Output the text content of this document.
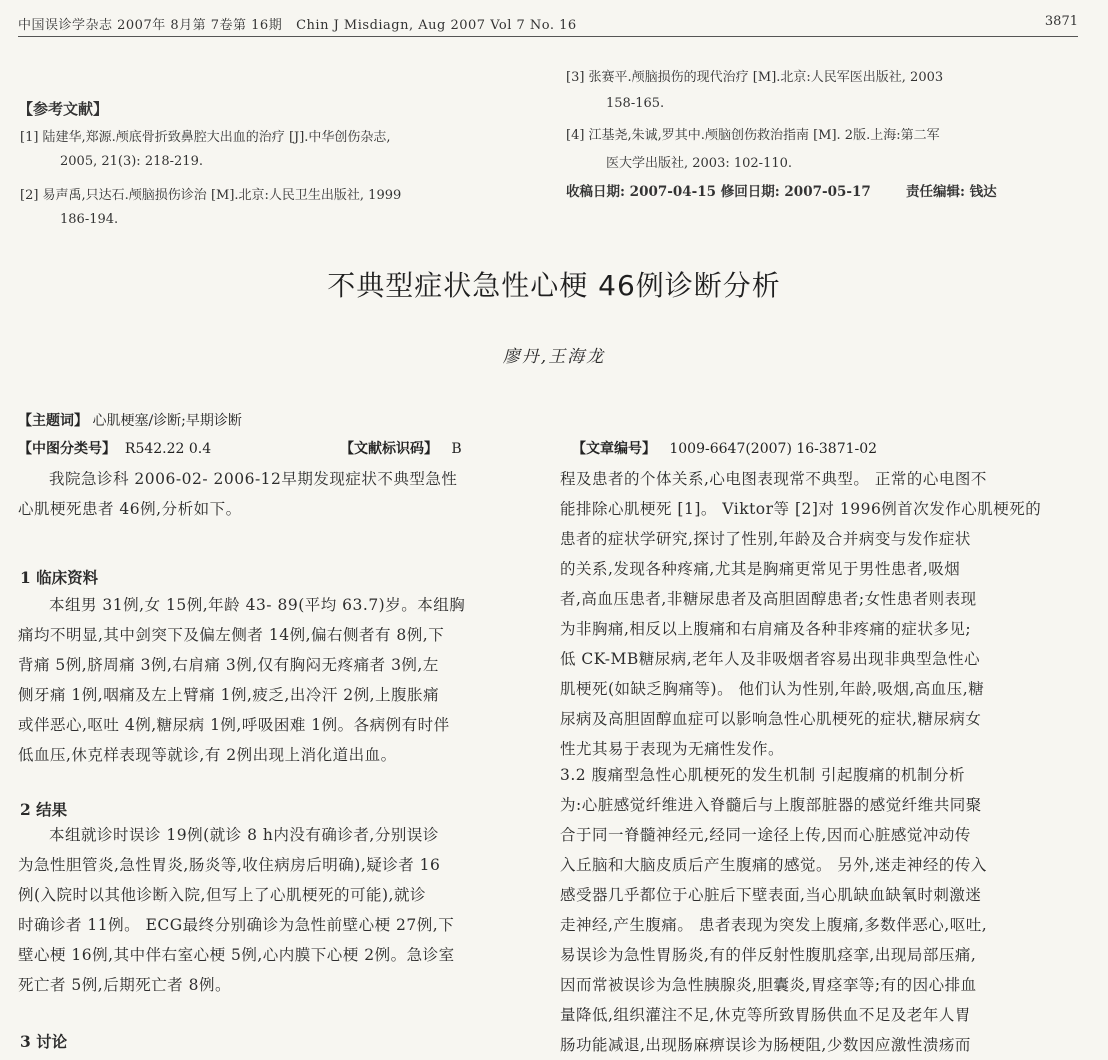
中国误诊学杂志 2007年 8月第 7卷第 16期 Chin J Misdiagn, Aug 2007 Vol 7 No. 16	3871
【参考文献】
[1] 陆建华,郑源.颅底骨折致鼻腔大出血的治疗 [J].中华创伤杂志,
2005, 21(3): 218-219.
[2] 易声禹,只达石.颅脑损伤诊治 [M].北京:人民卫生出版社, 1999
186-194.
[3] 张赛平.颅脑损伤的现代治疗 [M].北京:人民军医出版社, 2003
158-165.
[4] 江基尧,朱诚,罗其中.颅脑创伤救治指南 [M]. 2版.上海:第二军
医大学出版社, 2003: 102-110.
收稿日期: 2007-04-15 修回日期: 2007-05-17	责任编辑: 钱达
不典型症状急性心梗 46例诊断分析
廖丹,王海龙
【主题词】 心肌梗塞/诊断;早期诊断
【中图分类号】 R542.22 0.4	【文献标识码】 B	【文章编号】 1009-6647(2007) 16-3871-02

我院急诊科 2006-02- 2006-12早期发现症状不典型急性

心肌梗死患者 46例,分析如下。

1 临床资料

本组男 31例,女 15例,年龄 43- 89(平均 63.7)岁。本组胸

痛均不明显,其中剑突下及偏左侧者 14例,偏右侧者有 8例,下

背痛 5例,脐周痛 3例,右肩痛 3例,仅有胸闷无疼痛者 3例,左

侧牙痛 1例,咽痛及左上臂痛 1例,疲乏,出冷汗 2例,上腹胀痛

或伴恶心,呕吐 4例,糖尿病 1例,呼吸困难 1例。各病例有时伴

低血压,休克样表现等就诊,有 2例出现上消化道出血。

2 结果

本组就诊时误诊 19例(就诊 8 h内没有确诊者,分别误诊

为急性胆管炎,急性胃炎,肠炎等,收住病房后明确),疑诊者 16

例(入院时以其他诊断入院,但写上了心肌梗死的可能),就诊

时确诊者 11例。 ECG最终分别确诊为急性前壁心梗 27例,下

壁心梗 16例,其中伴右室心梗 5例,心内膜下心梗 2例。急诊室

死亡者 5例,后期死亡者 8例。

3 讨论

程及患者的个体关系,心电图表现常不典型。 正常的心电图不

能排除心肌梗死 [1]。 Viktor等 [2]对 1996例首次发作心肌梗死的

患者的症状学研究,探讨了性别,年龄及合并病变与发作症状

的关系,发现各种疼痛,尤其是胸痛更常见于男性患者,吸烟

者,高血压患者,非糖尿患者及高胆固醇患者;女性患者则表现

为非胸痛,相反以上腹痛和右肩痛及各种非疼痛的症状多见;

低 CK-MB糖尿病,老年人及非吸烟者容易出现非典型急性心

肌梗死(如缺乏胸痛等)。 他们认为性别,年龄,吸烟,高血压,糖

尿病及高胆固醇血症可以影响急性心肌梗死的症状,糖尿病女

性尤其易于表现为无痛性发作。

3.2 腹痛型急性心肌梗死的发生机制 引起腹痛的机制分析

为:心脏感觉纤维进入脊髓后与上腹部脏器的感觉纤维共同聚

合于同一脊髓神经元,经同一途径上传,因而心脏感觉冲动传

入丘脑和大脑皮质后产生腹痛的感觉。 另外,迷走神经的传入

感受器几乎都位于心脏后下壁表面,当心肌缺血缺氧时刺激迷

走神经,产生腹痛。 患者表现为突发上腹痛,多数伴恶心,呕吐,

易误诊为急性胃肠炎,有的伴反射性腹肌痉挛,出现局部压痛,

因而常被误诊为急性胰腺炎,胆囊炎,胃痉挛等;有的因心排血

量降低,组织灌注不足,休克等所致胃肠供血不足及老年人胃

肠功能减退,出现肠麻痹误诊为肠梗阻,少数因应激性溃疡而
